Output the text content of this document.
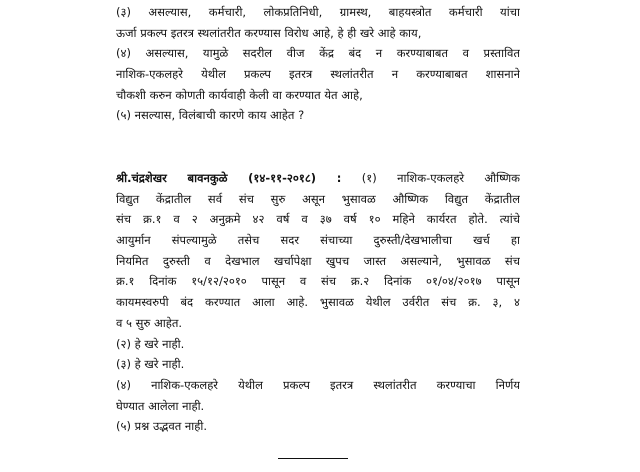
(३) असल्यास, कर्मचारी, लोकप्रतिनिधी, ग्रामस्थ, बाहयस्त्रोत कर्मचारी यांचा
ऊर्जा प्रकल्प इतरत्र स्थलांतरीत करण्यास विरोध आहे, हे ही खरे आहे काय,
(४) असल्यास, यामुळे सदरील वीज केंद्र बंद न करण्याबाबत व प्रस्तावित
नाशिक-एकलहरे येथील प्रकल्प इतरत्र स्थलांतरीत न करण्याबाबत शासनाने
चौकशी करुन कोणती कार्यवाही केली वा करण्यात येत आहे,
(५) नसल्यास, विलंबाची कारणे काय आहेत ?
श्री.चंद्रशेखर बावनकुळे (१४-११-२०१८) : (१) नाशिक-एकलहरे औष्णिक
विद्युत केंद्रातील सर्व संच सुरु असून भुसावळ औष्णिक विद्युत केंद्रातील
संच क्र.१ व २ अनुक्रमे ४२ वर्ष व ३७ वर्ष १० महिने कार्यरत होते. त्यांचे
आयुर्मान संपल्यामुळे तसेच सदर संचाच्या दुरुस्ती/देखभालीचा खर्च हा
नियमित दुरुस्ती व देखभाल खर्चापेक्षा खुपच जास्त असल्याने, भुसावळ संच
क्र.१ दिनांक १५/१२/२०१० पासून व संच क्र.२ दिनांक ०१/०४/२०१७ पासून
कायमस्वरुपी बंद करण्यात आला आहे. भुसावळ येथील उर्वरीत संच क्र. ३, ४
व ५ सुरु आहेत.
(२) हे खरे नाही.
(३) हे खरे नाही.
(४) नाशिक-एकलहरे येथील प्रकल्प इतरत्र स्थलांतरीत करण्याचा निर्णय
घेण्यात आलेला नाही.
(५) प्रश्न उद्भवत नाही.
